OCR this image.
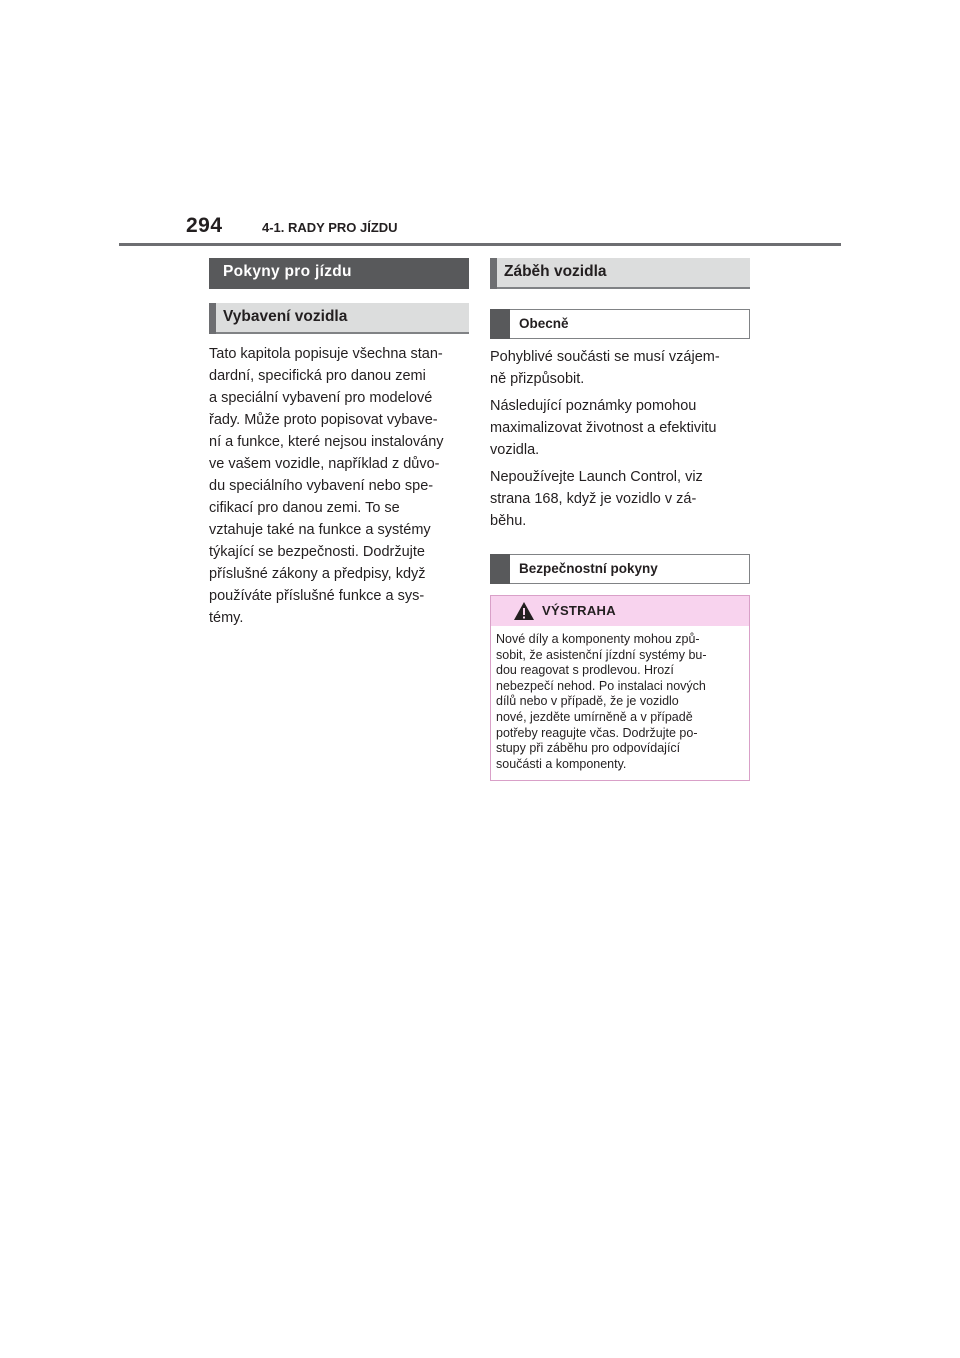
294	4-1. RADY PRO JÍZDU
Pokyny pro jízdu
Vybavení vozidla

Tato kapitola popisuje všechna stan-

dardní, specifická pro danou zemi

a speciální vybavení pro modelové

řady. Může proto popisovat vybave-

ní a funkce, které nejsou instalovány

ve vašem vozidle, například z důvo-

du speciálního vybavení nebo spe-

cifikací pro danou zemi. To se

vztahuje také na funkce a systémy

týkající se bezpečnosti. Dodržujte

příslušné zákony a předpisy, když

používáte příslušné funkce a sys-

témy.

Záběh vozidla
Obecně

Pohyblivé součásti se musí vzájem-

ně přizpůsobit.

Následující poznámky pomohou

maximalizovat životnost a efektivitu

vozidla.

Nepoužívejte Launch Control, viz

strana 168, když je vozidlo v zá-

běhu.

Bezpečnostní pokyny
VÝSTRAHA
Nové díly a komponenty mohou způ-
sobit, že asistenční jízdní systémy bu-
dou reagovat s prodlevou. Hrozí
nebezpečí nehod. Po instalaci nových
dílů nebo v případě, že je vozidlo
nové, jezděte umírněně a v případě
potřeby reagujte včas. Dodržujte po-
stupy při záběhu pro odpovídající
součásti a komponenty.
